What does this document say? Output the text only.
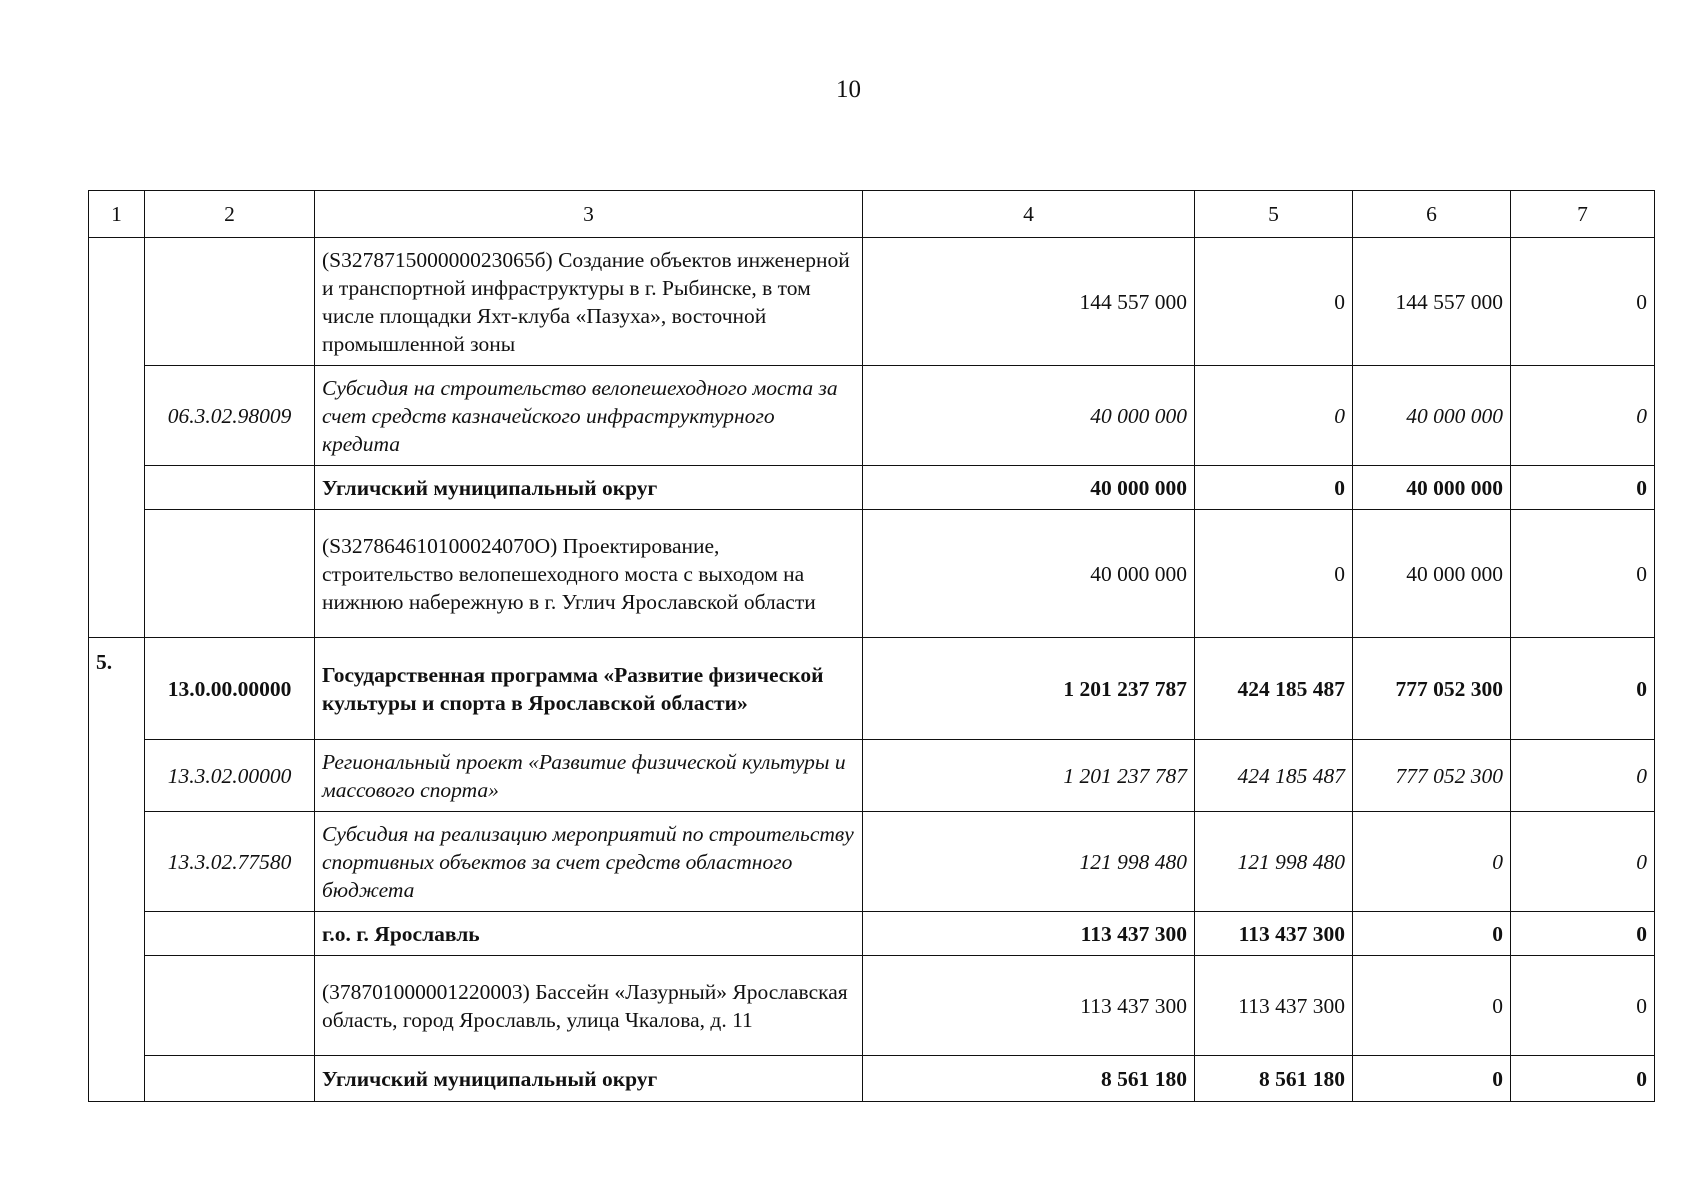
10
1	2	3	4	5	6	7
		(S327871500000023065б) Создание объектов инженерной и транспортной инфраструктуры в г. Рыбинске, в том числе площадки Яхт-клуба «Пазуха», восточной промышленной зоны	144 557 000	0	144 557 000	0
	06.3.02.98009	Субсидия на строительство велопешеходного моста за счет средств казначейского инфраструктурного кредита	40 000 000	0	40 000 000	0
		Угличский муниципальный округ	40 000 000	0	40 000 000	0
		(S327864610100024070О) Проектирование, строительство велопешеходного моста с выходом на нижнюю набережную в г. Углич Ярославской области	40 000 000	0	40 000 000	0
5.	13.0.00.00000	Государственная программа «Развитие физической культуры и спорта в Ярославской области»	1 201 237 787	424 185 487	777 052 300	0
	13.3.02.00000	Региональный проект «Развитие физической культуры и массового спорта»	1 201 237 787	424 185 487	777 052 300	0
	13.3.02.77580	Субсидия на реализацию мероприятий по строительству спортивных объектов за счет средств областного бюджета	121 998 480	121 998 480	0	0
		г.о. г. Ярославль	113 437 300	113 437 300	0	0
		(378701000001220003) Бассейн «Лазурный» Ярославская область, город Ярославль, улица Чкалова, д. 11	113 437 300	113 437 300	0	0
		Угличский муниципальный округ	8 561 180	8 561 180	0	0
